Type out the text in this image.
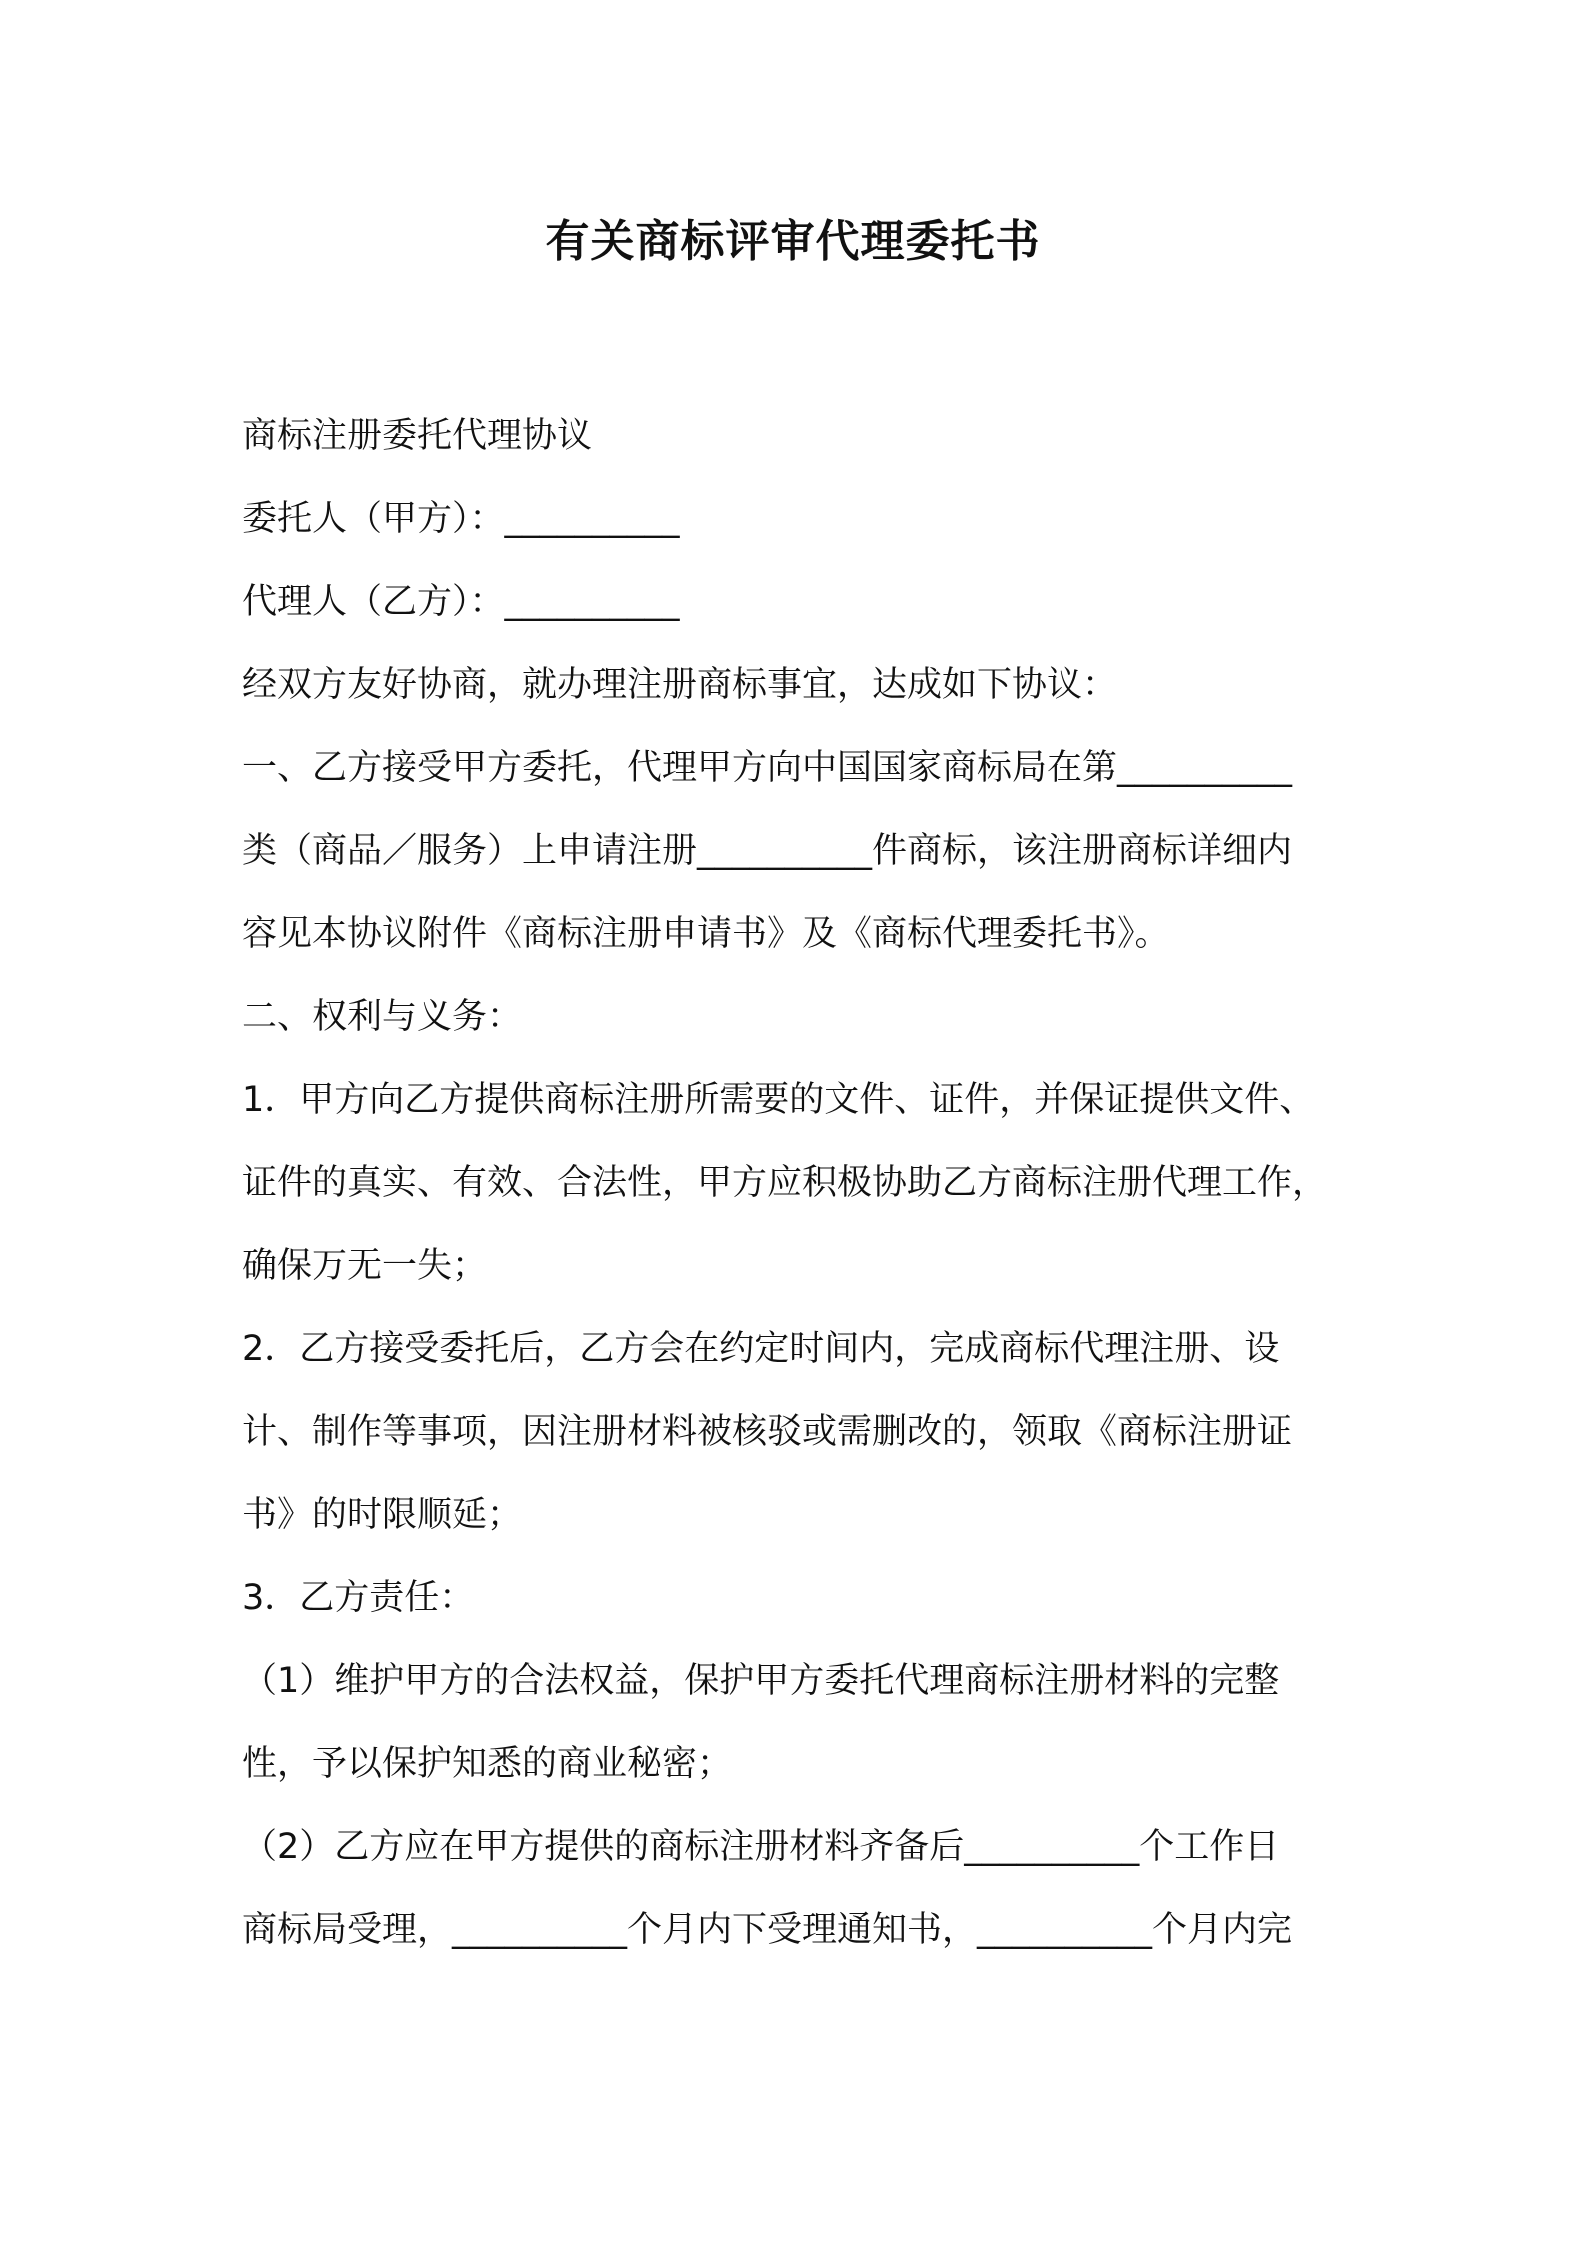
有关商标评审代理委托书
商标注册委托代理协议
委托人（甲方）：__________
代理人（乙方）：__________
经双方友好协商，就办理注册商标事宜，达成如下协议：
一、乙方接受甲方委托，代理甲方向中国国家商标局在第__________
类（商品／服务）上申请注册__________件商标，该注册商标详细内
容见本协议附件《商标注册申请书》及《商标代理委托书》。
二、权利与义务：
1．甲方向乙方提供商标注册所需要的文件、证件，并保证提供文件、
证件的真实、有效、合法性，甲方应积极协助乙方商标注册代理工作，
确保万无一失；
2．乙方接受委托后，乙方会在约定时间内，完成商标代理注册、设
计、制作等事项，因注册材料被核驳或需删改的，领取《商标注册证
书》的时限顺延；
3．乙方责任：
（1）维护甲方的合法权益，保护甲方委托代理商标注册材料的完整
性，予以保护知悉的商业秘密；
（2）乙方应在甲方提供的商标注册材料齐备后__________个工作日
商标局受理，__________个月内下受理通知书，__________个月内完
